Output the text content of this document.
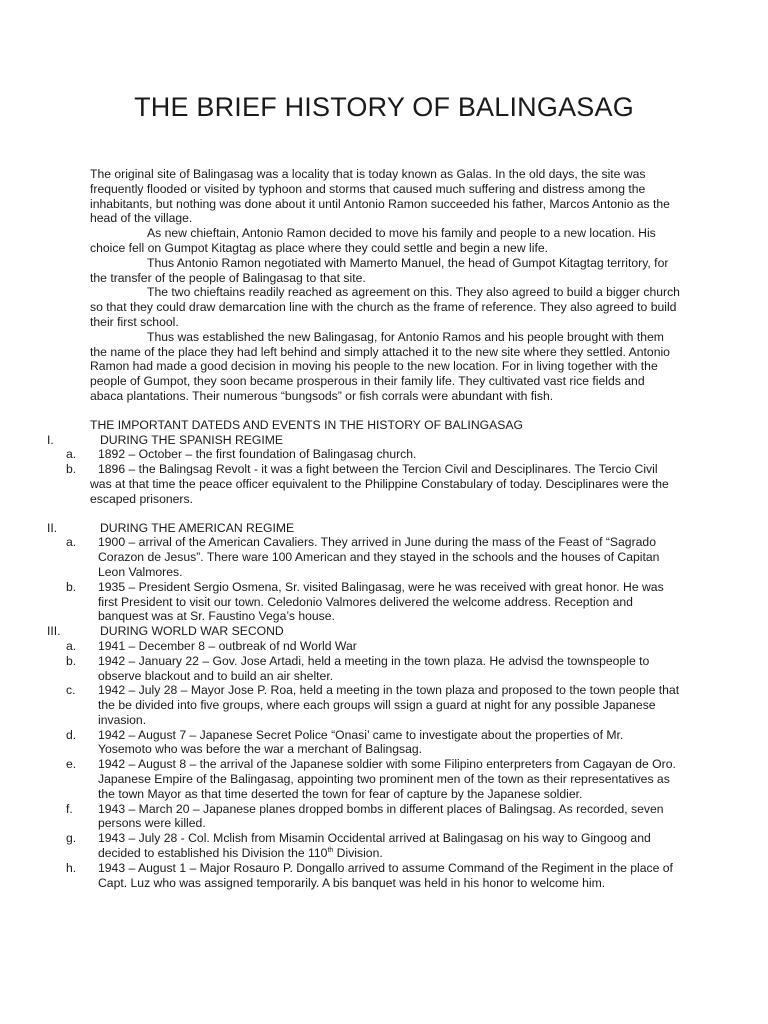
THE BRIEF HISTORY OF BALINGASAG

The original site of Balingasag was a locality that is today known as Galas. In the old days, the site was frequently flooded or visited by typhoon and storms that caused much suffering and distress among the inhabitants, but nothing was done about it until Antonio Ramon succeeded his father, Marcos Antonio as the head of the village.

As new chieftain, Antonio Ramon decided to move his family and people to a new location. His choice fell on Gumpot Kitagtag as place where they could settle and begin a new life.

Thus Antonio Ramon negotiated with Mamerto Manuel, the head of Gumpot Kitagtag territory, for the transfer of the people of Balingasag to that site.

The two chieftains readily reached as agreement on this. They also agreed to build a bigger church so that they could draw demarcation line with the church as the frame of reference. They also agreed to build their first school.

Thus was established the new Balingasag, for Antonio Ramos and his people brought with them the name of the place they had left behind and simply attached it to the new site where they settled. Antonio Ramon had made a good decision in moving his people to the new location. For in living together with the people of Gumpot, they soon became prosperous in their family life. They cultivated vast rice fields and abaca plantations. Their numerous “bungsods” or fish corrals were abundant with fish.

THE IMPORTANT DATEDS AND EVENTS IN THE HISTORY OF BALINGASAG

I.	DURING THE SPANISH REGIME

a.	1892 – October – the first foundation of Balingasag church.

b.	1896 – the Balingsag Revolt - it was a fight between the Tercion Civil and Desciplinares. The Tercio Civil was at that time the peace officer equivalent to the Philippine Constabulary of today. Desciplinares were the escaped prisoners.

II.	DURING THE AMERICAN REGIME

a.	1900 – arrival of the American Cavaliers. They arrived in June during the mass of the Feast of “Sagrado Corazon de Jesus”. There ware 100 American and they stayed in the schools and the houses of Capitan Leon Valmores.

b.	1935 – President Sergio Osmena, Sr. visited Balingasag, were he was received with great honor. He was first President to visit our town. Celedonio Valmores delivered the welcome address. Reception and banquest was at Sr. Faustino Vega’s house.

III.	DURING WORLD WAR SECOND

a.	1941 – December 8 – outbreak of nd World War

b.	1942 – January 22 – Gov. Jose Artadi, held a meeting in the town plaza. He advisd the townspeople to observe blackout and to build an air shelter.

c.	1942 – July 28 – Mayor Jose P. Roa, held a meeting in the town plaza and proposed to the town people that the be divided into five groups, where each groups will ssign a guard at night for any possible Japanese invasion.

d.	1942 – August 7 – Japanese Secret Police “Onasi’ came to investigate about the properties of Mr. Yosemoto who was before the war a merchant of Balingsag.

e.	1942 – August 8 – the arrival of the Japanese soldier with some Filipino enterpreters from Cagayan de Oro. Japanese Empire of the Balingasag, appointing two prominent men of the town as their representatives as the town Mayor as that time deserted the town for fear of capture by the Japanese soldier.

f.	1943 – March 20 – Japanese planes dropped bombs in different places of Balingsag. As recorded, seven persons were killed.

g.	1943 – July 28 - Col. Mclish from Misamin Occidental arrived at Balingasag on his way to Gingoog and decided to established his Division the 110th Division.

h.	1943 – August 1 – Major Rosauro P. Dongallo arrived to assume Command of the Regiment in the place of Capt. Luz who was assigned temporarily. A bis banquet was held in his honor to welcome him.
